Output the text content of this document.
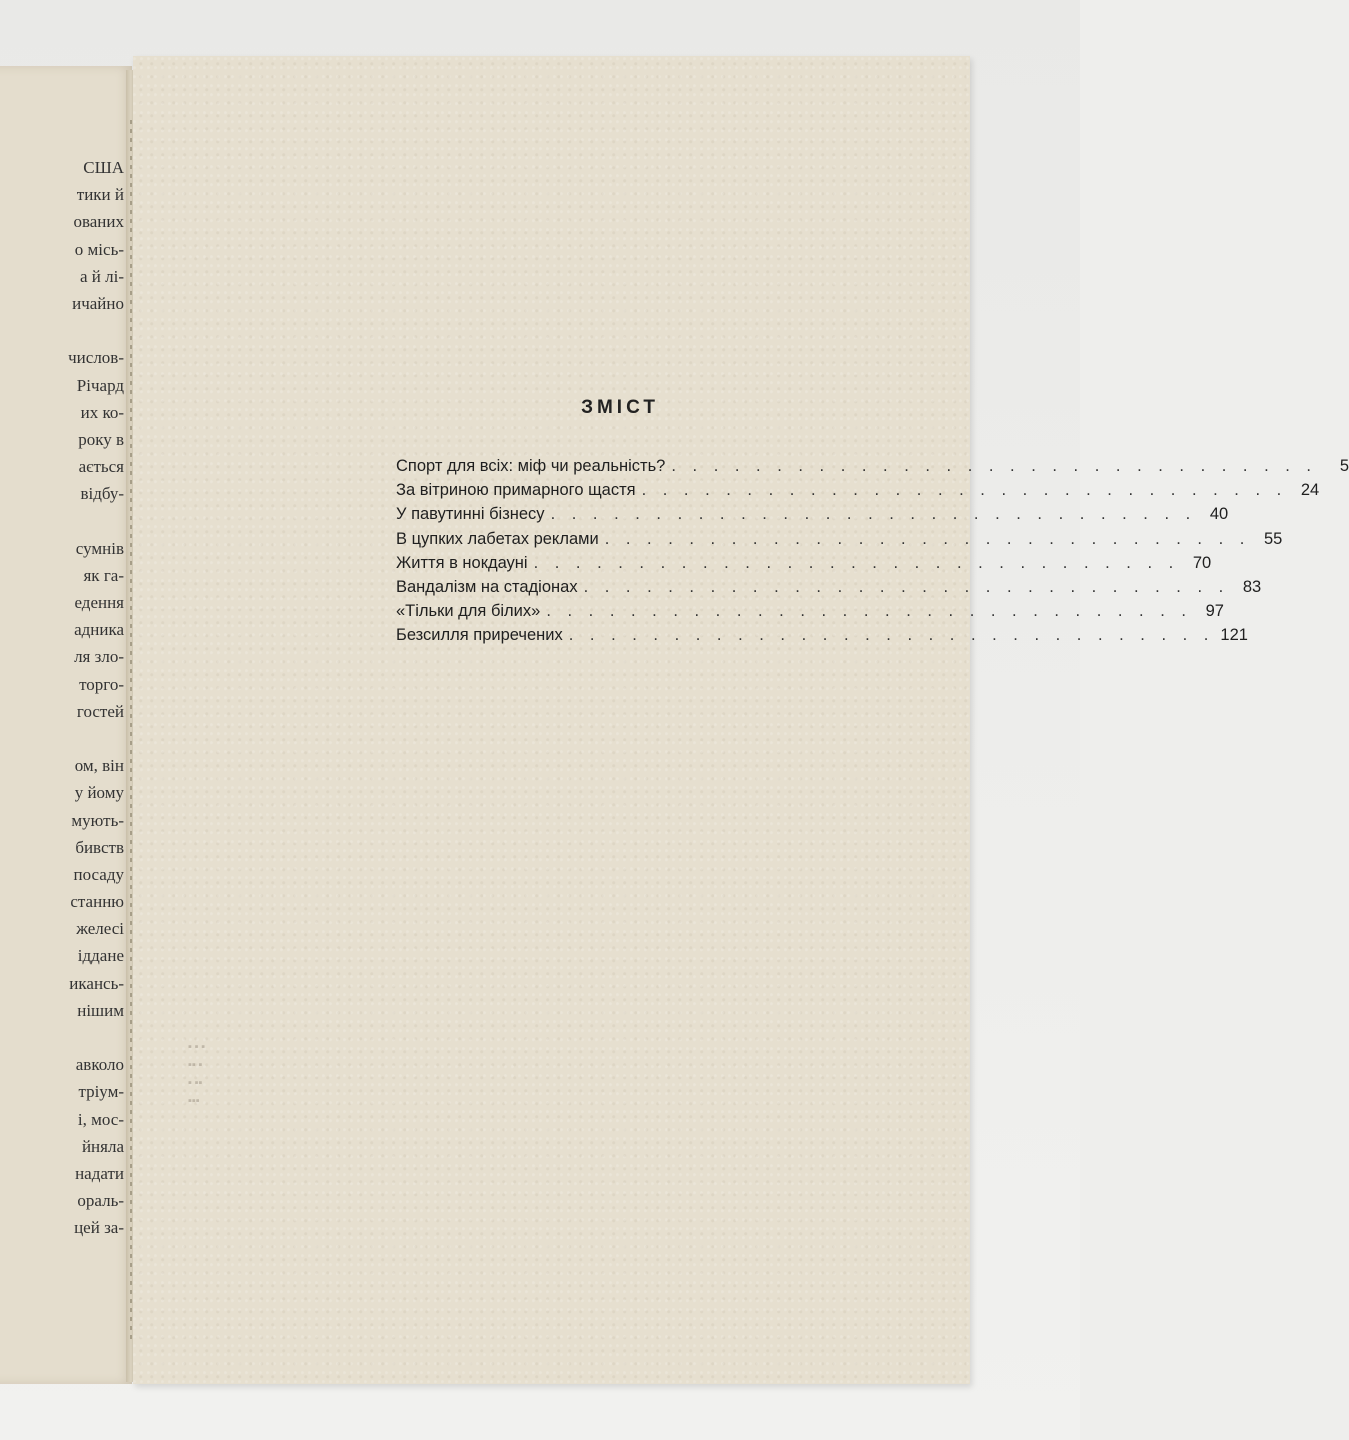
США
тики й
ованих
о місь-
а й лі-
ичайно
числов-
Річард
их ко-
року в
ається
відбу-
сумнів
як га-
едення
адника
ля зло-
торго-
гостей
ом, він
у йому
мують-
бивств
посаду
станню
желесі
іддане
иканcь-
нішим
авколо
тріум-
і, мос-
йняла
надати
ораль-
цей за-
ЗМІСТ
Спорт для всіх: міф чи реальність? . . . . . . . . . . . . . . . . . . . . . . . . . . . . . . .	5
За вітриною примарного щастя . . . . . . . . . . . . . . . . . . . . . . . . . . . . . . . 24
У павутинні бізнесу . . . . . . . . . . . . . . . . . . . . . . . . . . . . . . . 40
В цупких лабетах реклами . . . . . . . . . . . . . . . . . . . . . . . . . . . . . . . 55
Життя в нокдауні . . . . . . . . . . . . . . . . . . . . . . . . . . . . . . . 70
Вандалізм на стадіонах . . . . . . . . . . . . . . . . . . . . . . . . . . . . . . . 83
«Тільки для білих» . . . . . . . . . . . . . . . . . . . . . . . . . . . . . . . 97
Безсилля приречених . . . . . . . . . . . . . . . . . . . . . . . . . . . . . . . 121
▪ ▪ ▪
▪▪ ▪
▪ ▪▪
▪▪▪
